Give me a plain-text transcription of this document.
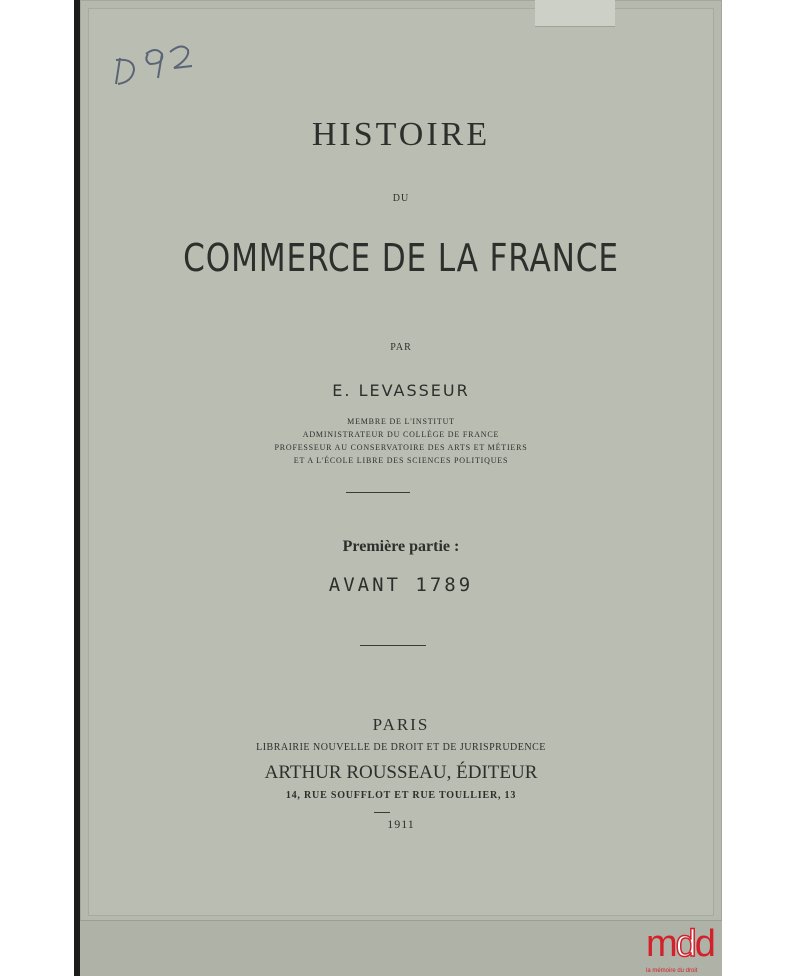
HISTOIRE
DU
COMMERCE DE LA FRANCE
PAR
E. LEVASSEUR
MEMBRE DE L'INSTITUT
ADMINISTRATEUR DU COLLÈGE DE FRANCE
PROFESSEUR AU CONSERVATOIRE DES ARTS ET MÉTIERS
ET A L'ÉCOLE LIBRE DES SCIENCES POLITIQUES
Première partie :
AVANT 1789
PARIS
LIBRAIRIE NOUVELLE DE DROIT ET DE JURISPRUDENCE
ARTHUR ROUSSEAU, ÉDITEUR
14, RUE SOUFFLOT ET RUE TOULLIER, 13
1911
mdd
la mémoire du droit
